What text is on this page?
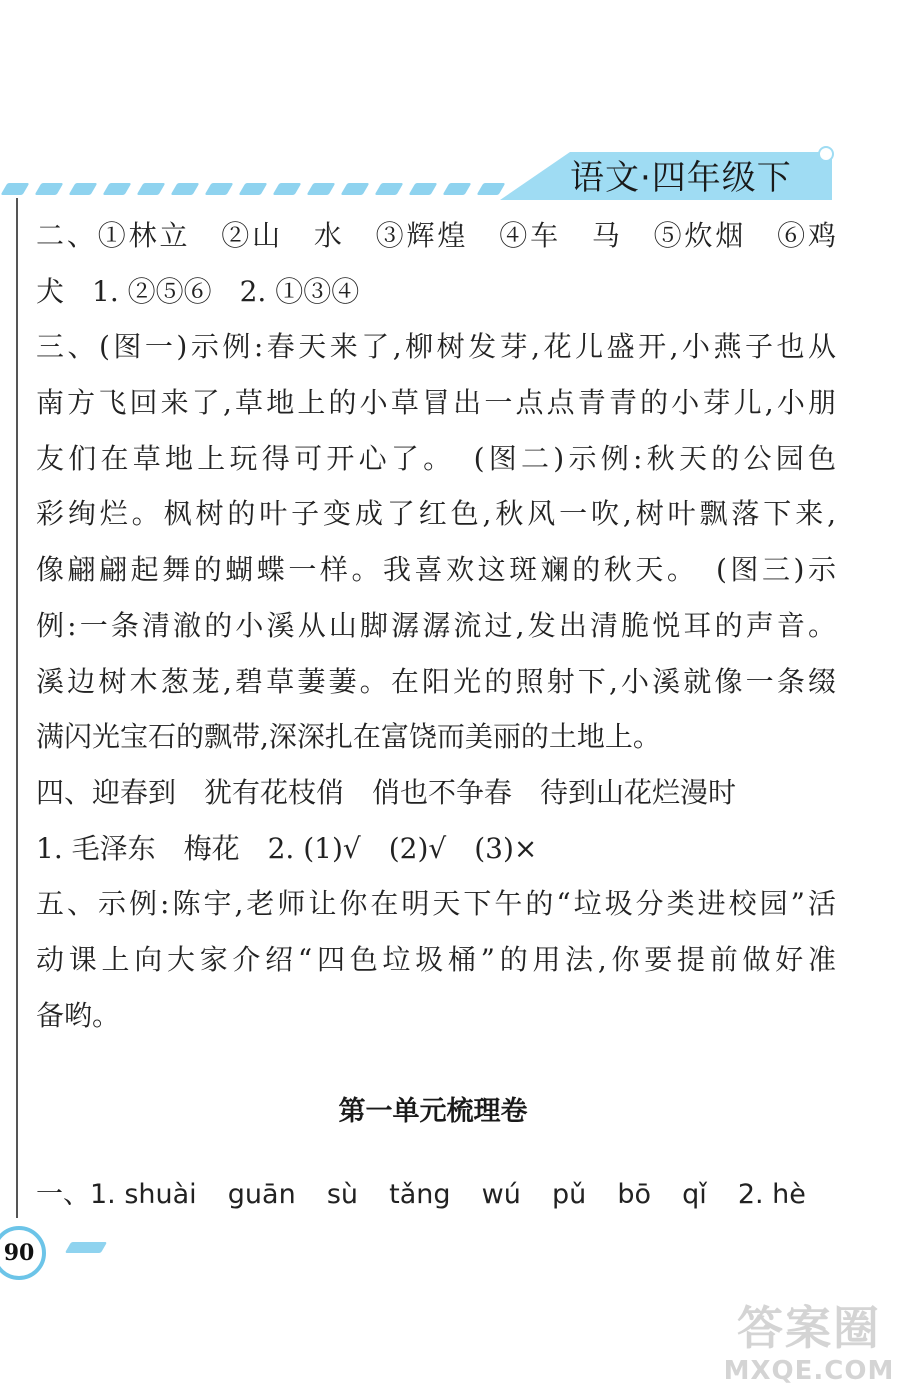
语文·四年级下
二、①林立　②山　水　③辉煌　④车　马　⑤炊烟　⑥鸡
犬　1. ②⑤⑥　2. ①③④
三、(图一)示例:春天来了,柳树发芽,花儿盛开,小燕子也从
南方飞回来了,草地上的小草冒出一点点青青的小芽儿,小朋
友们在草地上玩得可开心了。　(图二)示例:秋天的公园色
彩绚烂。枫树的叶子变成了红色,秋风一吹,树叶飘落下来,
像翩翩起舞的蝴蝶一样。我喜欢这斑斓的秋天。　(图三)示
例:一条清澈的小溪从山脚潺潺流过,发出清脆悦耳的声音。
溪边树木葱茏,碧草萋萋。在阳光的照射下,小溪就像一条缀
满闪光宝石的飘带,深深扎在富饶而美丽的土地上。
四、迎春到　犹有花枝俏　俏也不争春　待到山花烂漫时
1. 毛泽东　梅花　2. (1)√　(2)√　(3)×
五、示例:陈宇,老师让你在明天下午的“垃圾分类进校园”活
动课上向大家介绍“四色垃圾桶”的用法,你要提前做好准
备哟。
第一单元梳理卷
一、1. shuài guān sù tǎng wú pǔ bō qǐ 2. hè
90
答案圈
MXQE.COM
